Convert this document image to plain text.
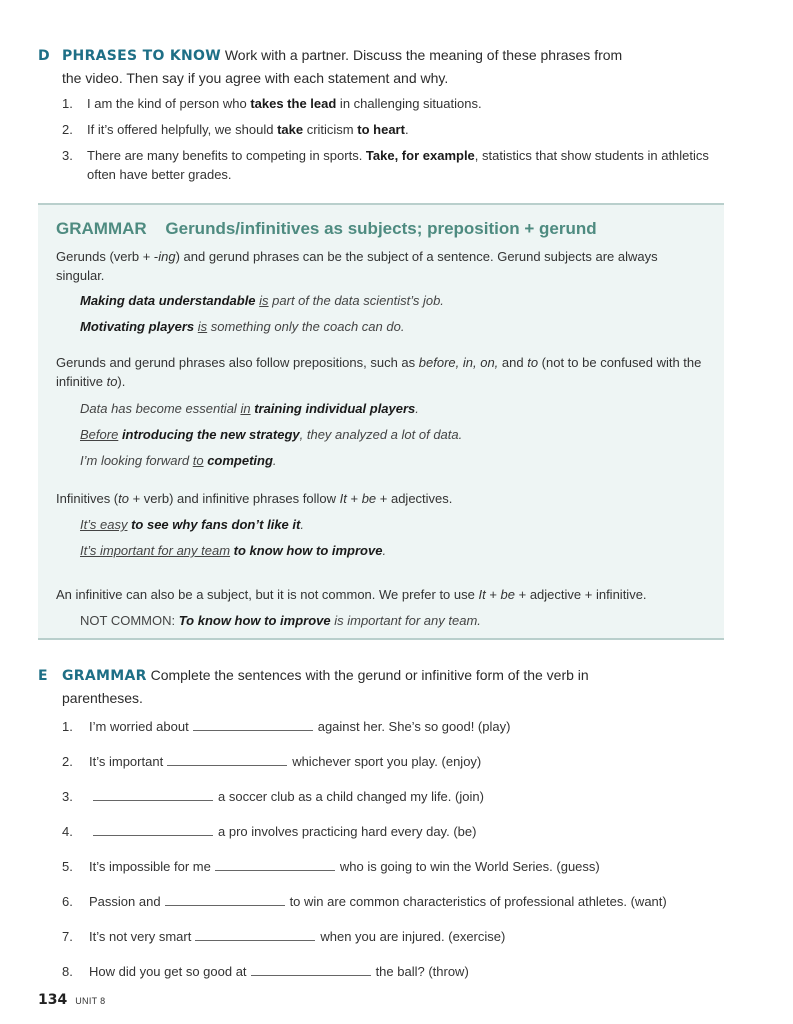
D PHRASES TO KNOW Work with a partner. Discuss the meaning of these phrases from
the video. Then say if you agree with each statement and why.
1.	I am the kind of person who takes the lead in challenging situations.
2.	If it’s offered helpfully, we should take criticism to heart.
3.	There are many benefits to competing in sports. Take, for example, statistics that show students in athletics often have better grades.
GRAMMAR Gerunds/infinitives as subjects; preposition + gerund
Gerunds (verb + -ing) and gerund phrases can be the subject of a sentence. Gerund subjects are always singular.
Making data understandable is part of the data scientist’s job.
Motivating players is something only the coach can do.
Gerunds and gerund phrases also follow prepositions, such as before, in, on, and to (not to be confused with the infinitive to).
Data has become essential in training individual players.
Before introducing the new strategy, they analyzed a lot of data.
I’m looking forward to competing.
Infinitives (to + verb) and infinitive phrases follow It + be + adjectives.
It’s easy to see why fans don’t like it.
It’s important for any team to know how to improve.
An infinitive can also be a subject, but it is not common. We prefer to use It + be + adjective + infinitive.
NOT COMMON: To know how to improve is important for any team.
E GRAMMAR Complete the sentences with the gerund or infinitive form of the verb in
parentheses.
1.	I’m worried about	against her. She’s so good! (play)
2.	It’s important	whichever sport you play. (enjoy)
3.	a soccer club as a child changed my life. (join)
4.	a pro involves practicing hard every day. (be)
5.	It’s impossible for me	who is going to win the World Series. (guess)
6.	Passion and	to win are common characteristics of professional athletes. (want)
7.	It’s not very smart	when you are injured. (exercise)
8.	How did you get so good at	the ball? (throw)
134 UNIT 8
